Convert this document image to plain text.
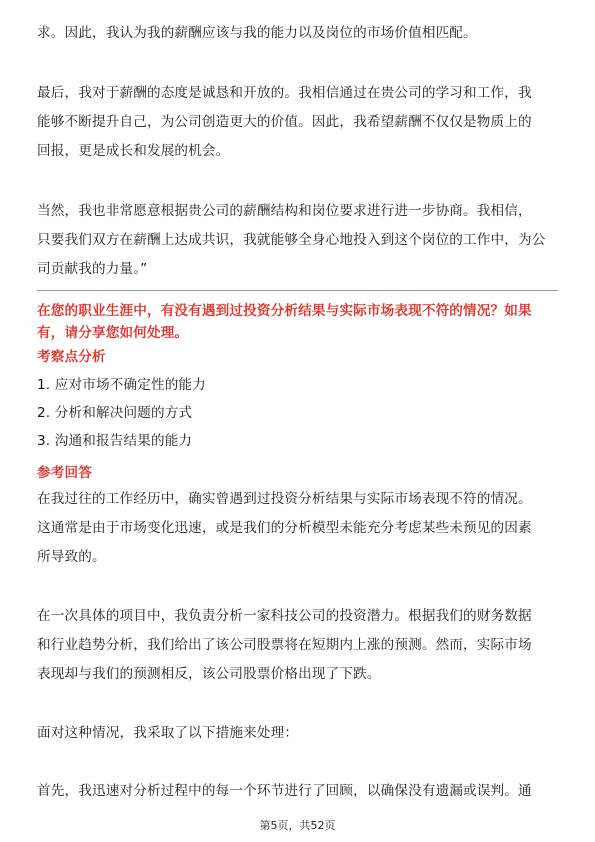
求。因此，我认为我的薪酬应该与我的能力以及岗位的市场价值相匹配。
最后，我对于薪酬的态度是诚恳和开放的。我相信通过在贵公司的学习和工作，我
能够不断提升自己，为公司创造更大的价值。因此，我希望薪酬不仅仅是物质上的
回报，更是成长和发展的机会。
当然，我也非常愿意根据贵公司的薪酬结构和岗位要求进行进一步协商。我相信，
只要我们双方在薪酬上达成共识，我就能够全身心地投入到这个岗位的工作中，为公
司贡献我的力量。”
在您的职业生涯中，有没有遇到过投资分析结果与实际市场表现不符的情况？如果
有，请分享您如何处理。
考察点分析
1. 应对市场不确定性的能力
2. 分析和解决问题的方式
3. 沟通和报告结果的能力
参考回答
在我过往的工作经历中，确实曾遇到过投资分析结果与实际市场表现不符的情况。
这通常是由于市场变化迅速，或是我们的分析模型未能充分考虑某些未预见的因素
所导致的。
在一次具体的项目中，我负责分析一家科技公司的投资潜力。根据我们的财务数据
和行业趋势分析，我们给出了该公司股票将在短期内上涨的预测。然而，实际市场
表现却与我们的预测相反，该公司股票价格出现了下跌。
面对这种情况，我采取了以下措施来处理：
首先，我迅速对分析过程中的每一个环节进行了回顾，以确保没有遗漏或误判。通
第5页，共52页
